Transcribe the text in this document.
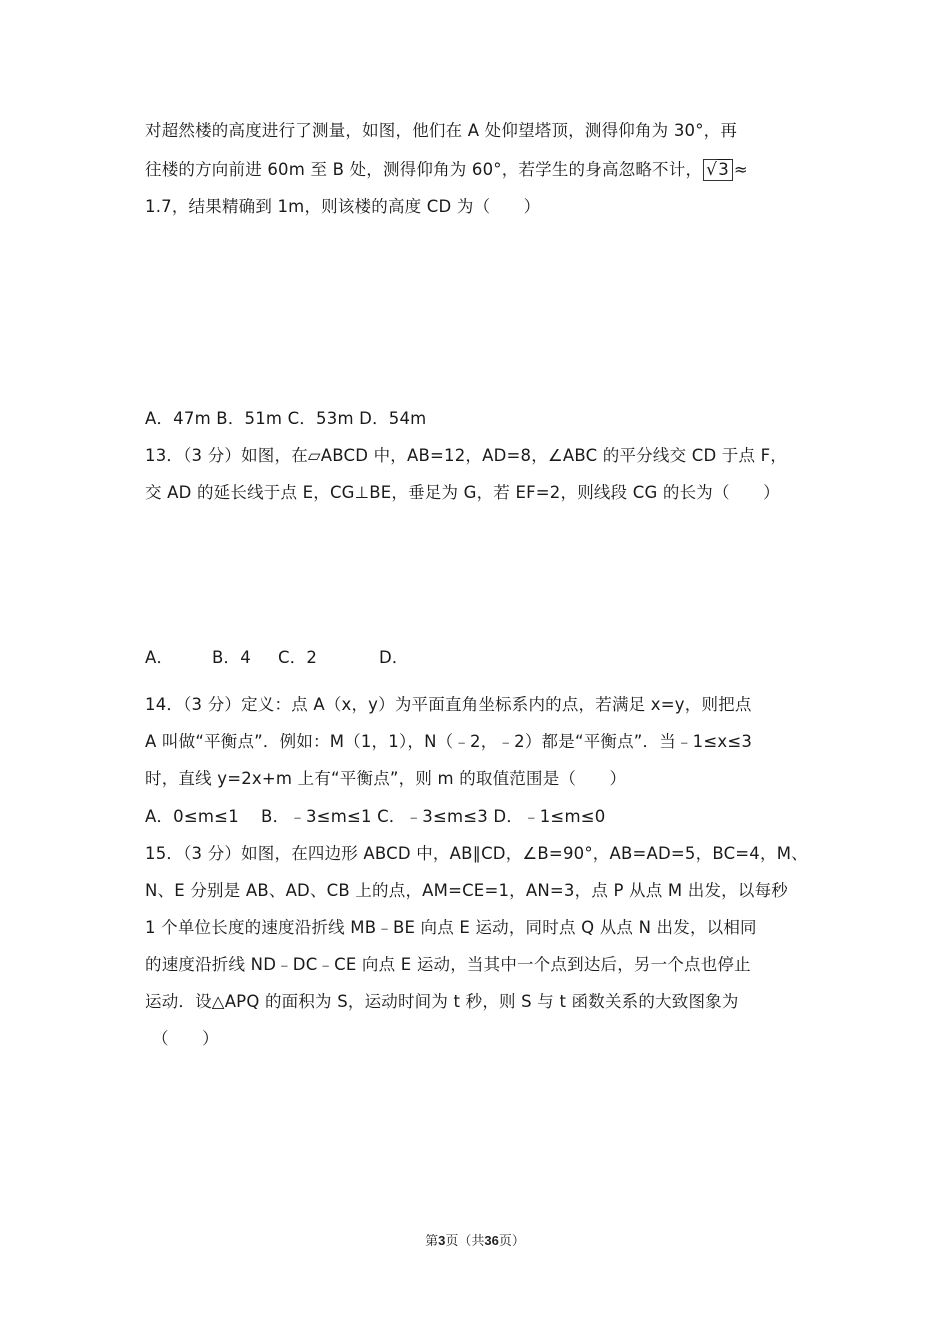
对超然楼的高度进行了测量，如图，他们在 A 处仰望塔顶，测得仰角为 30°，再
往楼的方向前进 60m 至 B 处，测得仰角为 60°，若学生的身高忽略不计， √3 ≈
1.7，结果精确到 1m，则该楼的高度 CD 为（　　）
A．47m B．51m C．53m D．54m
13．（3 分）如图，在▱ABCD 中，AB=12，AD=8，∠ABC 的平分线交 CD 于点 F，
交 AD 的延长线于点 E，CG⊥BE，垂足为 G，若 EF=2，则线段 CG 的长为（　　）
A． B．4 C．2	D．
14．（3 分）定义：点 A（x，y）为平面直角坐标系内的点，若满足 x=y，则把点
A 叫做“平衡点”．例如：M（1，1），N（﹣2，﹣2）都是“平衡点”．当﹣1≤x≤3
时，直线 y=2x+m 上有“平衡点”，则 m 的取值范围是（　　）
A．0≤m≤1　 B．﹣3≤m≤1 C．﹣3≤m≤3 D．﹣1≤m≤0
15．（3 分）如图，在四边形 ABCD 中，AB∥CD，∠B=90°，AB=AD=5，BC=4，M、
N、E 分别是 AB、AD、CB 上的点，AM=CE=1，AN=3，点 P 从点 M 出发，以每秒
1 个单位长度的速度沿折线 MB﹣BE 向点 E 运动，同时点 Q 从点 N 出发，以相同
的速度沿折线 ND﹣DC﹣CE 向点 E 运动，当其中一个点到达后，另一个点也停止
运动．设△APQ 的面积为 S，运动时间为 t 秒，则 S 与 t 函数关系的大致图象为
（　　）
第3页（共36页）
